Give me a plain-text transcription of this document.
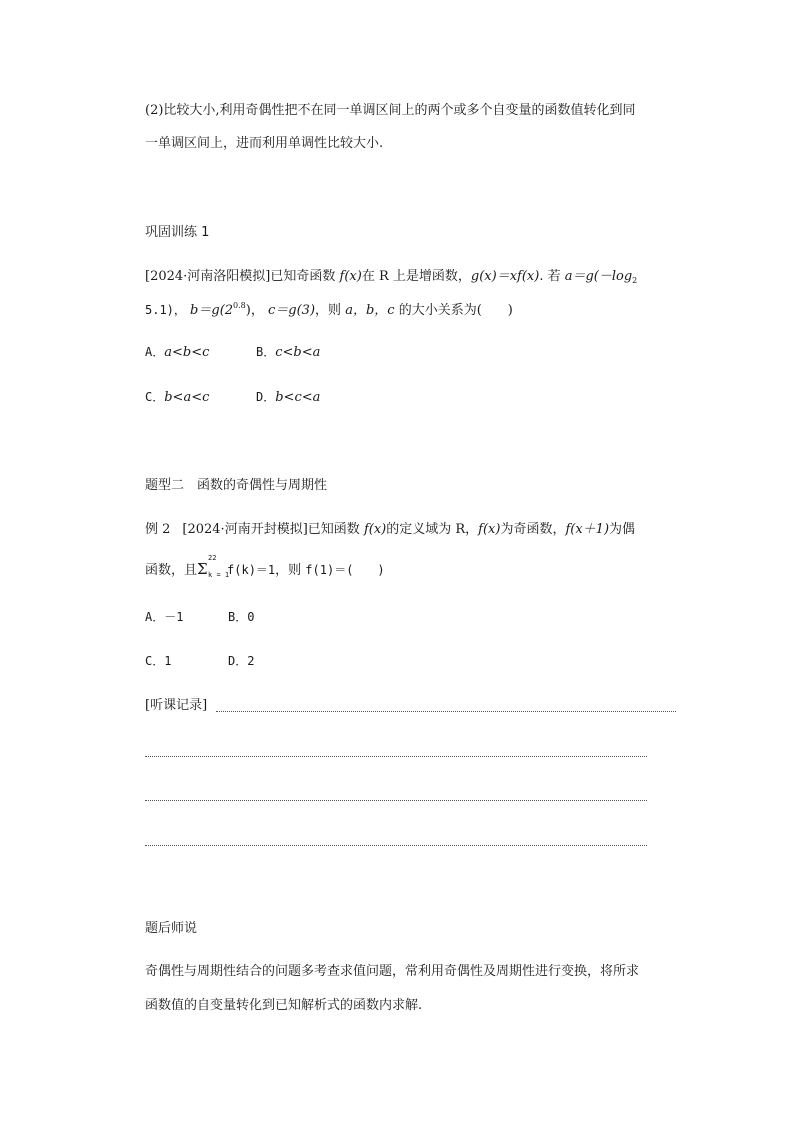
(2)比较大小,利用奇偶性把不在同一单调区间上的两个或多个自变量的函数值转化到同
一单调区间上，进而利用单调性比较大小.
巩固训练 1
[2024·河南洛阳模拟]已知奇函数 f(x)在 R 上是增函数，g(x)＝xf(x). 若 $a=g(-\log_2$
5.1)， $b=g(2^{0.8})$， c＝g(3)，则 a，b，c 的大小关系为(　　)
A．a<b<c	B．c<b<a
C．b<a<c	D．b<c<a
题型二　函数的奇偶性与周期性
例 2 [2024·河南开封模拟]已知函数 f(x)的定义域为 R，f(x)为奇函数，f(x＋1)为偶
函数，且 Σ
22
k = 1
f(k)＝1，则 f(1)＝(　　)
A．－1	B．0
C．1	D．2
[听课记录]
题后师说
奇偶性与周期性结合的问题多考查求值问题，常利用奇偶性及周期性进行变换，将所求
函数值的自变量转化到已知解析式的函数内求解.
